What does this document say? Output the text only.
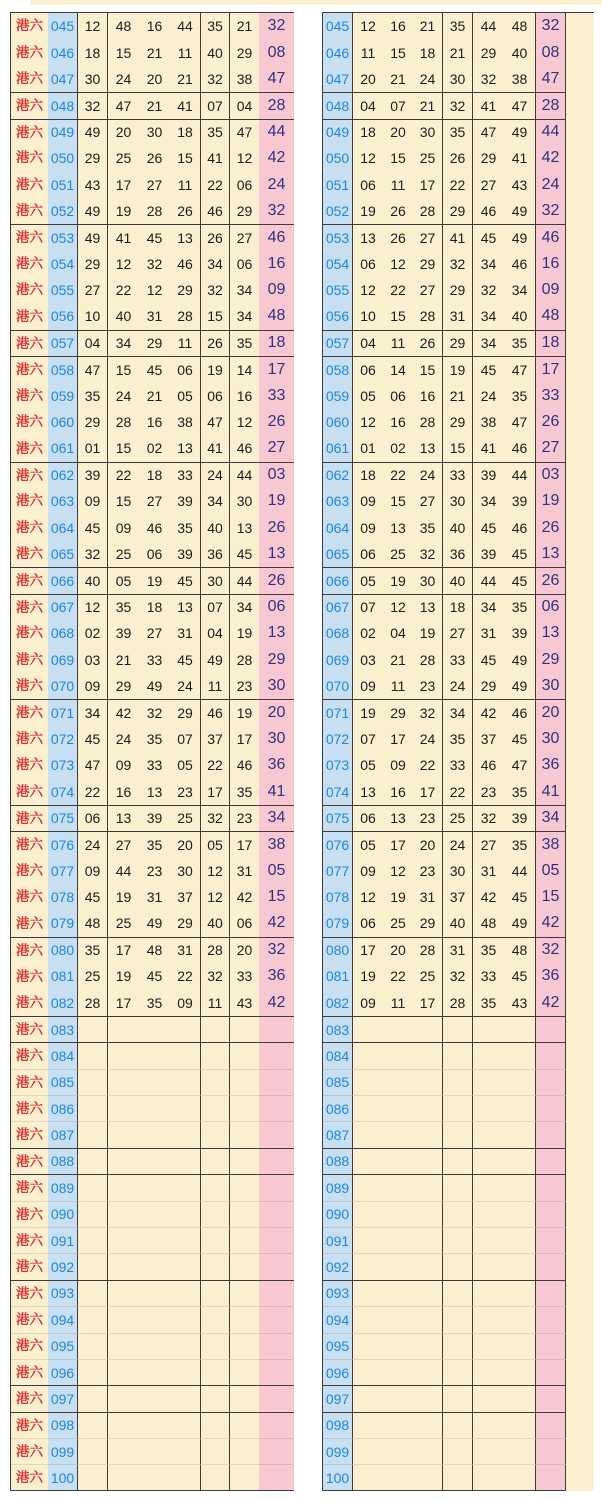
港六 045 12	48	16	44	35 21 32
港六 046 18	15	21	11	40 29 08
港六 047 30	24	20	21	32 38 47
港六 048 32	47	21	41	07 04 28
港六 049 49	20	30	18	35 47 44
港六 050 29	25	26	15	41 12 42
港六 051 43	17	27	11	22 06 24
港六 052 49	19	28	26	46 29 32
港六 053 49	41	45	13	26 27 46
港六 054 29	12	32	46	34 06 16
港六 055 27	22	12	29	32 34 09
港六 056 10	40	31	28	15 34 48
港六 057 04	34	29	11	26 35 18
港六 058 47	15	45	06	19 14 17
港六 059 35	24	21	05	06 16 33
港六 060 29	28	16	38	47 12 26
港六 061 01	15	02	13	41 46 27
港六 062 39	22	18	33	24 44 03
港六 063 09	15	27	39	34 30 19
港六 064 45	09	46	35	40 13 26
港六 065 32	25	06	39	36 45 13
港六 066 40	05	19	45	30 44 26
港六 067 12	35	18	13	07 34 06
港六 068 02	39	27	31	04 19 13
港六 069 03	21	33	45	49 28 29
港六 070 09	29	49	24	11	23 30
港六 071 34	42	32	29	46 19 20
港六 072 45	24	35	07	37 17 30
港六 073 47	09	33	05	22 46 36
港六 074 22	16	13	23	17 35 41
港六 075 06	13	39	25	32 23 34
港六 076 24	27	35	20	05 17 38
港六 077 09	44	23	30	12 31 05
港六 078 45	19	31	37	12 42 15
港六 079 48	25	49	29	40 06 42
港六 080 35	17	48	31	28 20 32
港六 081 25	19	45	22	32 33 36
港六 082 28	17	35	09	11	43 42
港六 083
港六 084
港六 085
港六 086
港六 087
港六 088
港六 089
港六 090
港六 091
港六 092
港六 093
港六 094
港六 095
港六 096
港六 097
港六 098
港六 099
港六 100
045 12	16 21	35	44	48 32
046 11	15 18	21	29	40 08
047 20	21 24	30	32	38 47
048 04	07 21	32	41	47 28
049 18	20 30	35	47	49 44
050 12	15 25	26	29	41 42
051 06	11	17	22	27	43 24
052 19	26 28	29	46	49 32
053 13	26 27	41	45	49 46
054 06	12 29	32	34	46 16
055 12	22 27	29	32	34 09
056 10	15 28	31	34	40 48
057 04	11	26	29	34	35 18
058 06	14 15	19	45	47 17
059 05	06 16	21	24	35 33
060 12	16 28	29	38	47 26
061 01	02 13	15	41	46 27
062 18	22 24	33	39	44 03
063 09	15 27	30	34	39 19
064 09	13 35	40	45	46 26
065 06	25 32	36	39	45 13
066 05	19 30	40	44	45 26
067 07	12 13	18	34	35 06
068 02	04 19	27	31	39 13
069 03	21 28	33	45	49 29
070 09	11	23	24	29	49 30
071 19	29 32	34	42	46 20
072 07	17 24	35	37	45 30
073 05	09 22	33	46	47 36
074 13	16 17	22	23	35 41
075 06	13 23	25	32	39 34
076 05	17 20	24	27	35 38
077 09	12 23	30	31	44 05
078 12	19 31	37	42	45 15
079 06	25 29	40	48	49 42
080 17	20 28	31	35	48 32
081 19	22 25	32	33	45 36
082 09	11	17	28	35	43 42
083
084
085
086
087
088
089
090
091
092
093
094
095
096
097
098
099
100
